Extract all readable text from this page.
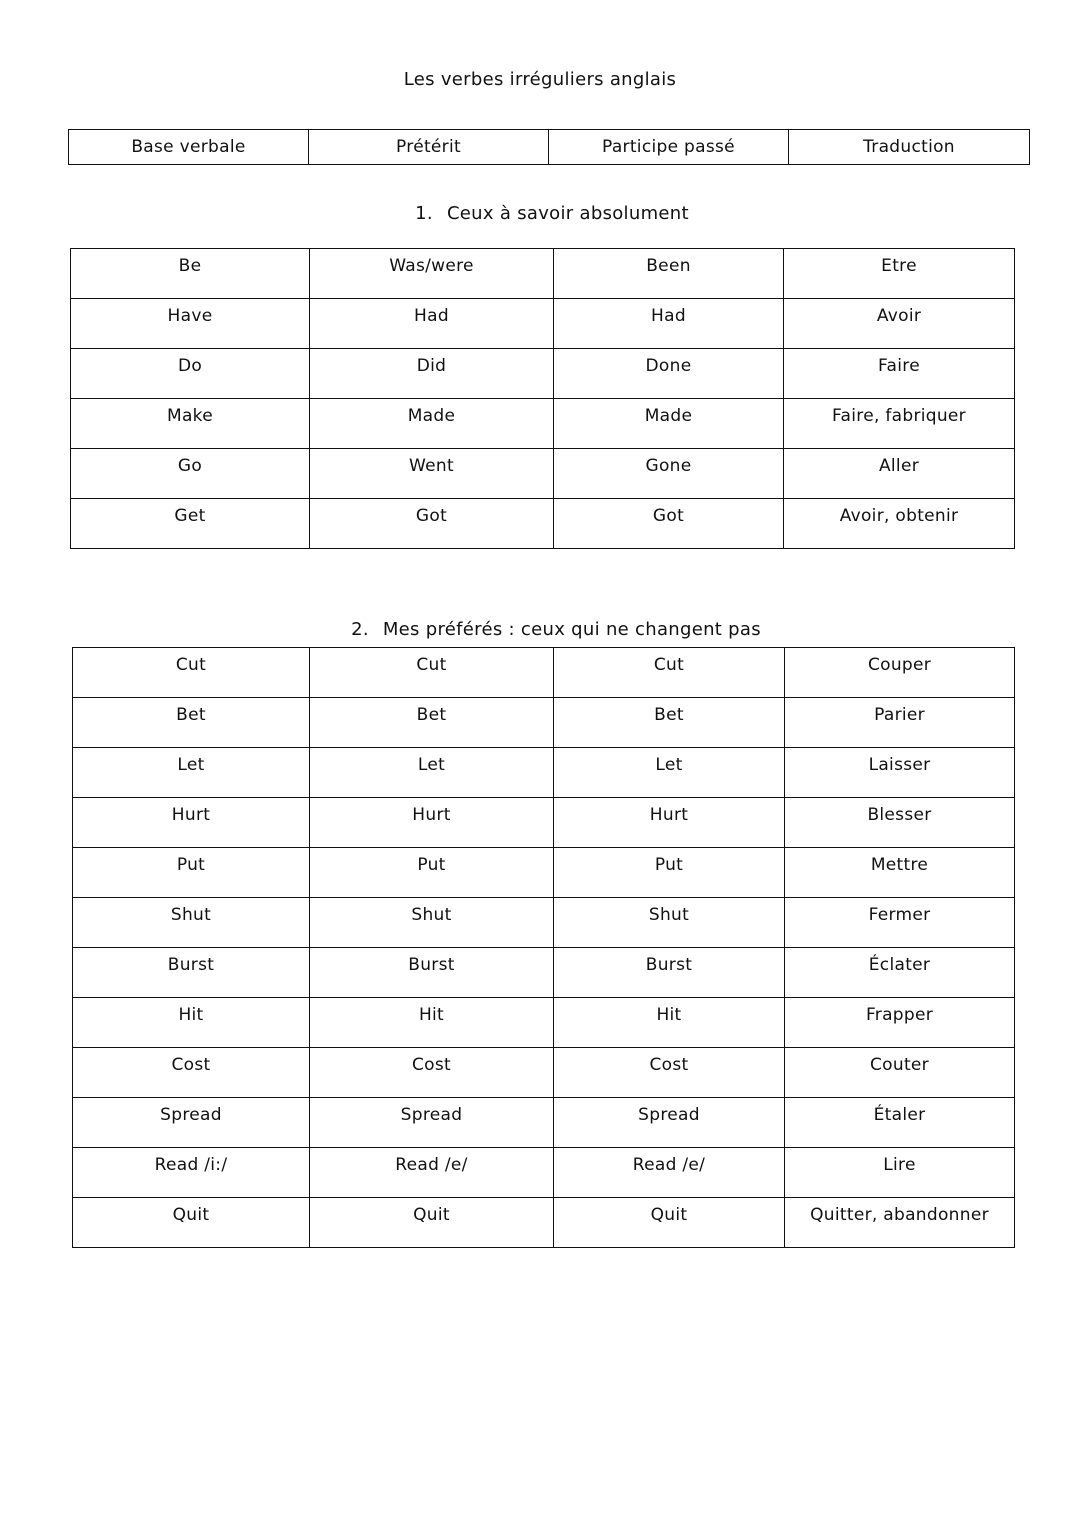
Les verbes irréguliers anglais
Base verbale	Prétérit	Participe passé	Traduction
1. Ceux à savoir absolument
Be	Was/were	Been	Etre
Have	Had	Had	Avoir
Do	Did	Done	Faire
Make	Made	Made	Faire, fabriquer
Go	Went	Gone	Aller
Get	Got	Got	Avoir, obtenir
2. Mes préférés : ceux qui ne changent pas
Cut	Cut	Cut	Couper
Bet	Bet	Bet	Parier
Let	Let	Let	Laisser
Hurt	Hurt	Hurt	Blesser
Put	Put	Put	Mettre
Shut	Shut	Shut	Fermer
Burst	Burst	Burst	Éclater
Hit	Hit	Hit	Frapper
Cost	Cost	Cost	Couter
Spread	Spread	Spread	Étaler
Read /i:/	Read /e/	Read /e/	Lire
Quit	Quit	Quit	Quitter, abandonner
